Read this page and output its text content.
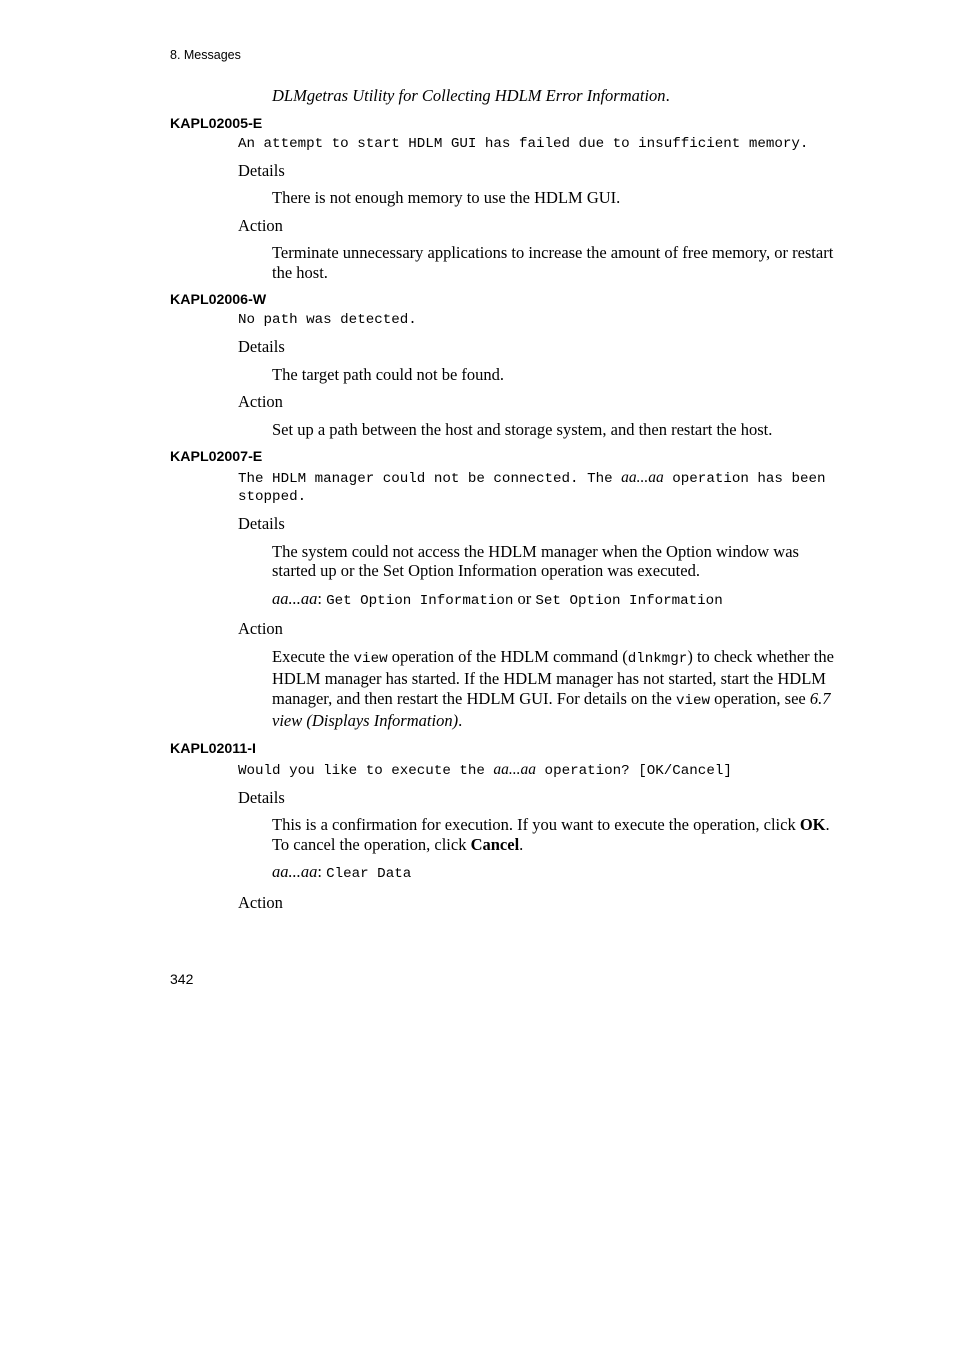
8. Messages
DLMgetras Utility for Collecting HDLM Error Information.
KAPL02005-E
An attempt to start HDLM GUI has failed due to insufficient memory.
Details
There is not enough memory to use the HDLM GUI.
Action
Terminate unnecessary applications to increase the amount of free memory, or restart the host.
KAPL02006-W
No path was detected.
Details
The target path could not be found.
Action
Set up a path between the host and storage system, and then restart the host.
KAPL02007-E
The HDLM manager could not be connected. The aa...aa operation has been stopped.
Details
The system could not access the HDLM manager when the Option window was started up or the Set Option Information operation was executed.
aa...aa: Get Option Information or Set Option Information
Action
Execute the view operation of the HDLM command (dlnkmgr) to check whether the HDLM manager has started. If the HDLM manager has not started, start the HDLM manager, and then restart the HDLM GUI. For details on the view operation, see 6.7 view (Displays Information).
KAPL02011-I
Would you like to execute the aa...aa operation? [OK/Cancel]
Details
This is a confirmation for execution. If you want to execute the operation, click OK. To cancel the operation, click Cancel.
aa...aa: Clear Data
Action
342
